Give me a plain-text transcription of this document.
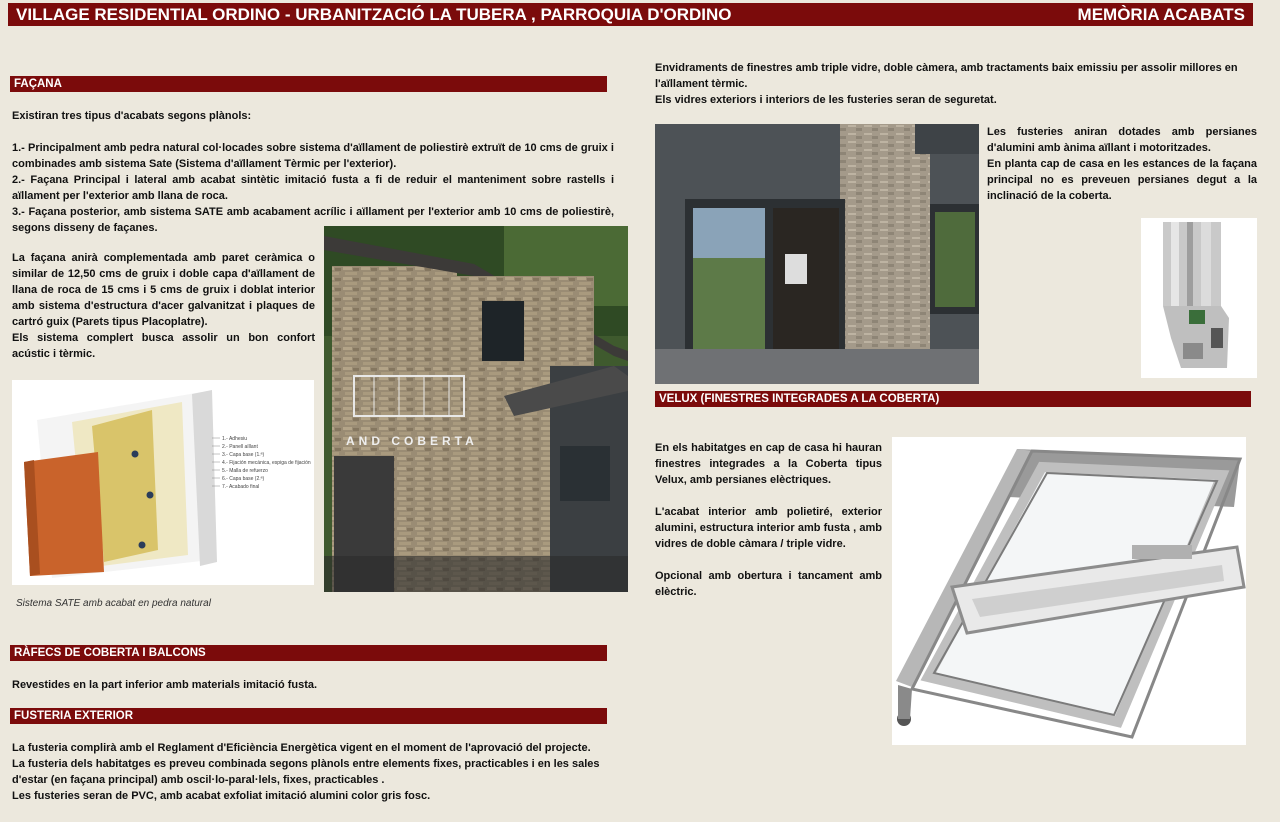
VILLAGE RESIDENTIAL ORDINO - URBANITZACIÓ LA TUBERA , PARROQUIA D'ORDINO	MEMÒRIA ACABATS
FAÇANA

Existiran tres tipus d'acabats segons plànols:

1.- Principalment amb pedra natural col·locades sobre sistema d'aïllament de poliestirè extruït de 10 cms de gruix i combinades amb sistema Sate (Sistema d'aïllament Tèrmic per l'exterior).

2.- Façana Principal i lateral amb acabat sintètic imitació fusta a fi de reduir el manteniment sobre rastells i aïllament per l'exterior amb llana de roca.

3.- Façana posterior, amb sistema SATE amb acabament acrílic i aïllament per l'exterior amb 10 cms de poliestirè, segons disseny de façanes.

La façana anirà complementada amb paret ceràmica o similar de 12,50 cms de gruix i doble capa d'aïllament de llana de roca de 15 cms i 5 cms de gruix i doblat interior amb sistema d'estructura d'acer galvanitzat i plaques de cartró guix (Parets tipus Placoplatre).

Els sistema complert busca assolir un bon confort acústic i tèrmic.

1.- Adhesiu
2.- Panell aïllant
3.- Capa base (1.ª)
4.- Fijación mecánica, espiga de fijación
5.- Malla de refuerzo
6.- Capa base (2.ª)
7.- Acabado final
Sistema SATE amb acabat en pedra natural
AND COBERTA
RÀFECS DE COBERTA I BALCONS
Revestides en la part inferior amb materials imitació fusta.
FUSTERIA EXTERIOR

La fusteria complirà amb el Reglament d'Eficiència Energètica vigent en el moment de l'aprovació del projecte.

La fusteria dels habitatges es preveu combinada segons plànols entre elements fixes, practicables i en les sales d'estar (en façana principal) amb oscil·lo-paral·lels, fixes, practicables .

Les fusteries seran de PVC, amb acabat exfoliat imitació alumini color gris fosc.

Envidraments de finestres amb triple vidre, doble càmera, amb tractaments baix emissiu per assolir millores en l'aïllament tèrmic.

Els vidres exteriors i interiors de les fusteries seran de seguretat.

Les fusteries aniran dotades amb persianes d'alumini amb ànima aïllant i motoritzades.

En planta cap de casa en les estances de la façana principal no es preveuen persianes degut a la inclinació de la coberta.

VELUX (FINESTRES INTEGRADES A LA COBERTA)

En els habitatges en cap de casa hi hauran finestres integrades a la Coberta tipus Velux, amb persianes elèctriques.

L'acabat interior amb polietiré, exterior alumini, estructura interior amb fusta , amb vidres de doble càmara / triple vidre.

Opcional amb obertura i tancament amb elèctric.
